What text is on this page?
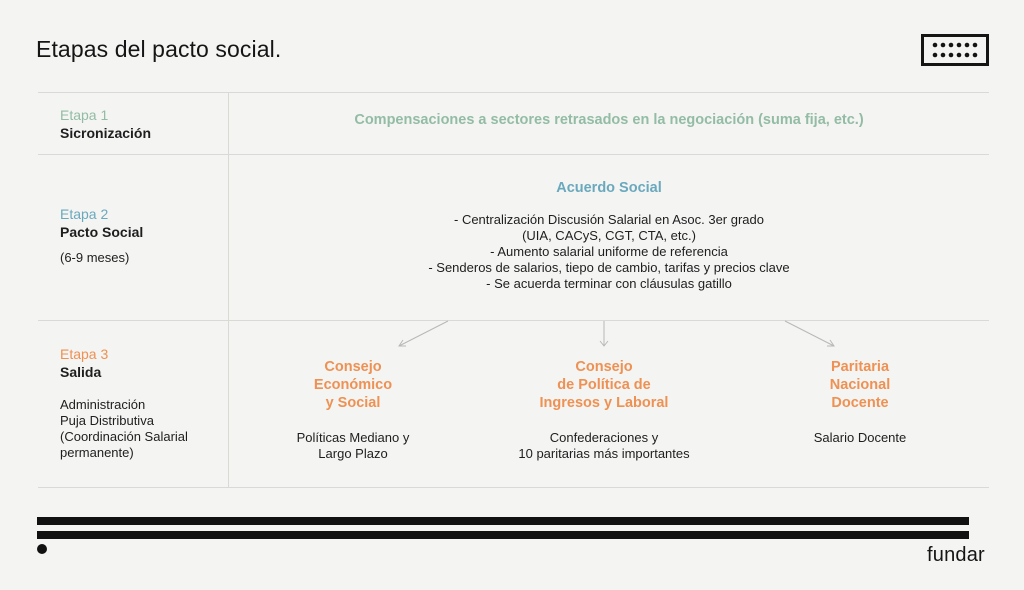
Etapas del pacto social.
Etapa 1
Sicronización
Compensaciones a sectores retrasados en la negociación (suma fija, etc.)
Etapa 2
Pacto Social
(6-9 meses)
Acuerdo Social
- Centralización Discusión Salarial en Asoc. 3er grado
(UIA, CACyS, CGT, CTA, etc.)
- Aumento salarial uniforme de referencia
- Senderos de salarios, tiepo de cambio, tarifas y precios clave
- Se acuerda terminar con cláusulas gatillo
Etapa 3
Salida
Administración
Puja Distributiva
(Coordinación Salarial
permanente)
Consejo
Económico
y Social
Políticas Mediano y
Largo Plazo
Consejo
de Política de
Ingresos y Laboral
Confederaciones y
10 paritarias más importantes
Paritaria
Nacional
Docente
Salario Docente
fundar
